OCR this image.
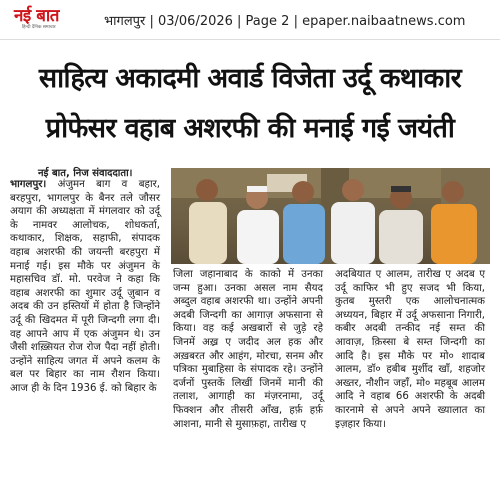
नई बात
हिन्दी दैनिक समाचार	भागलपुर | 03/06/2026 | Page 2 | epaper.naibaatnews.com
साहित्य अकादमी अवार्ड विजेता उर्दू कथाकार
प्रोफेसर वहाब अशरफी की मनाई गई जयंती
नई बात, निज संवाददाता।
भागलपुर। अंजुमन बाग व बहार, बरहपुरा, भागलपुर के बैनर तले जौसर अयाग की अध्यक्षता में मंगलवार को उर्दू के नामवर आलोचक, शोधकर्ता, कथाकार, शिक्षक, सहाफी, संपादक वहाब अशरफी की जयन्ती बरहपुरा में मनाई गई। इस मौके पर अंजुमन के महासचिव डॉ. मो. परवेज ने कहा कि वहाब अशरफी का शुमार उर्दू ज़ुबान व अदब की उन हस्तियों में होता है जिन्होंने उर्दू की खिदमत में पूरी जिन्दगी लगा दी। वह आपने आप में एक अंजुमन थे। उन जैसी शख़्सियत रोज रोज पैदा नहीं होती। उन्होंने साहित्य जगत में अपने कलम के बल पर बिहार का नाम रौशन किया। आज ही के दिन 1936 ई. को बिहार के
जिला जहानाबाद के काको में उनका जन्म हुआ। उनका असल नाम सैयद अब्दुल वहाब अशरफी था। उन्होंने अपनी अदबी जिन्दगी का आगाज़ अफसाना से किया। वह कई अखबारों से जुड़े रहे जिनमें अख़्र ए जदीद अल हक और अख़बरत और आहंग, मोरचा, सनम और पत्रिका मुबाहिसा के संपादक रहे। उन्होंने दर्जनों पुस्तकें लिखीं जिनमें मानी की तलाश, आगाही का मंज़रनामा, उर्दू फिक्शन और तीसरी आँख, हर्फ़ हर्फ़ आशना, मानी से मुसाफ़हा, तारीख ए
अदबियात ए आलम, तारीख ए अदब ए उर्दू काफिर भी हुए सजद भी किया, कुतब मुस्तरी एक आलोचनात्मक अध्ययन, बिहार में उर्दू अफसाना निगारी, कबीर अदबी तन्कीद नई सम्त की आवाज़, क़िस्सा बे सम्त जिन्दगी का आदि है। इस मौके पर मो० शादाब आलम, डॉ० हबीब मुर्शीद खाँ, शहजोर अख्तर, नौशीन जहाँ, मो० महबूब आलम आदि ने वहाब 66 अशरफी के अदबी कारनामे से अपने अपने ख्यालात का इज़हार किया।
